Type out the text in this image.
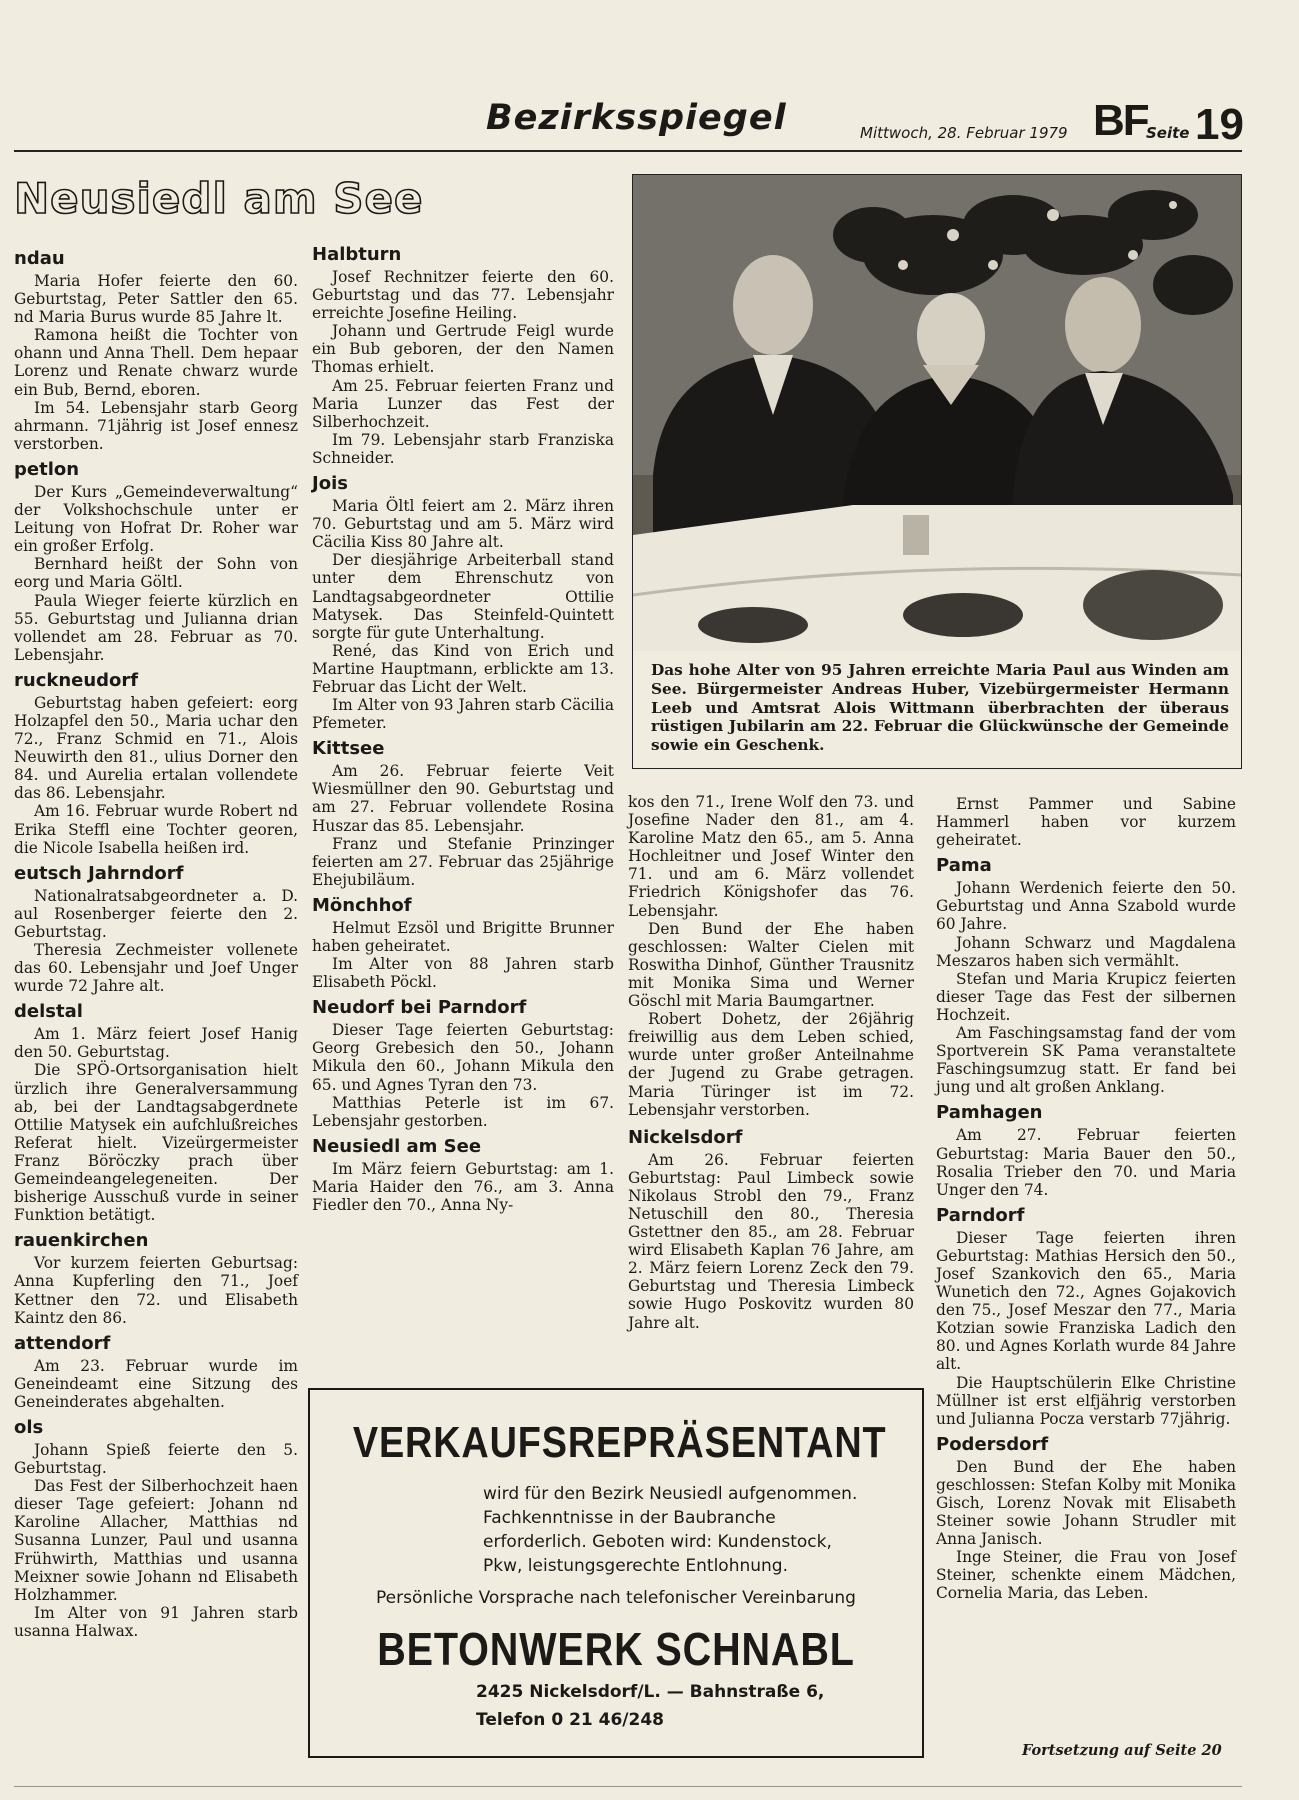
Bezirksspiegel	Mittwoch, 28. Februar 1979 BF
Seite 19
Neusiedl am See
ndau

Maria Hofer feierte den 60. Geburtstag, Peter Sattler den 65. nd Maria Burus wurde 85 Jahre lt.

Ramona heißt die Tochter von ohann und Anna Thell. Dem hepaar Lorenz und Renate chwarz wurde ein Bub, Bernd, eboren.

Im 54. Lebensjahr starb Georg ahrmann. 71jährig ist Josef ennesz verstorben.

petlon

Der Kurs „Gemeindeverwaltung“ der Volkshochschule unter er Leitung von Hofrat Dr. Roher war ein großer Erfolg.

Bernhard heißt der Sohn von eorg und Maria Göltl.

Paula Wieger feierte kürzlich en 55. Geburtstag und Julianna drian vollendet am 28. Februar as 70. Lebensjahr.

ruckneudorf

Geburtstag haben gefeiert: eorg Holzapfel den 50., Maria uchar den 72., Franz Schmid en 71., Alois Neuwirth den 81., ulius Dorner den 84. und Aurelia ertalan vollendete das 86. Lebensjahr.

Am 16. Februar wurde Robert nd Erika Steffl eine Tochter georen, die Nicole Isabella heißen ird.

eutsch Jahrndorf

Nationalratsabgeordneter a. D. aul Rosenberger feierte den 2. Geburtstag.

Theresia Zechmeister vollenete das 60. Lebensjahr und Joef Unger wurde 72 Jahre alt.

delstal

Am 1. März feiert Josef Hanig den 50. Geburtstag.

Die SPÖ-Ortsorganisation hielt ürzlich ihre Generalversammung ab, bei der Landtagsabgerdnete Ottilie Matysek ein aufchlußreiches Referat hielt. Vizeürgermeister Franz Böröczky prach über Gemeindeangelegeneiten. Der bisherige Ausschuß vurde in seiner Funktion betätigt.

rauenkirchen

Vor kurzem feierten Geburtsag: Anna Kupferling den 71., Joef Kettner den 72. und Elisabeth Kaintz den 86.

attendorf

Am 23. Februar wurde im Geneindeamt eine Sitzung des Geneinderates abgehalten.

ols

Johann Spieß feierte den 5. Geburtstag.

Das Fest der Silberhochzeit haen dieser Tage gefeiert: Johann nd Karoline Allacher, Matthias nd Susanna Lunzer, Paul und usanna Frühwirth, Matthias und usanna Meixner sowie Johann nd Elisabeth Holzhammer.

Im Alter von 91 Jahren starb usanna Halwax.

Halbturn

Josef Rechnitzer feierte den 60. Geburtstag und das 77. Lebensjahr erreichte Josefine Heiling.

Johann und Gertrude Feigl wurde ein Bub geboren, der den Namen Thomas erhielt.

Am 25. Februar feierten Franz und Maria Lunzer das Fest der Silberhochzeit.

Im 79. Lebensjahr starb Franziska Schneider.

Jois

Maria Öltl feiert am 2. März ihren 70. Geburtstag und am 5. März wird Cäcilia Kiss 80 Jahre alt.

Der diesjährige Arbeiterball stand unter dem Ehrenschutz von Landtagsabgeordneter Ottilie Matysek. Das Steinfeld-Quintett sorgte für gute Unterhaltung.

René, das Kind von Erich und Martine Hauptmann, erblickte am 13. Februar das Licht der Welt.

Im Alter von 93 Jahren starb Cäcilia Pfemeter.

Kittsee

Am 26. Februar feierte Veit Wiesmüllner den 90. Geburtstag und am 27. Februar vollendete Rosina Huszar das 85. Lebensjahr.

Franz und Stefanie Prinzinger feierten am 27. Februar das 25jährige Ehejubiläum.

Mönchhof

Helmut Ezsöl und Brigitte Brunner haben geheiratet.

Im Alter von 88 Jahren starb Elisabeth Pöckl.

Neudorf bei Parndorf

Dieser Tage feierten Geburtstag: Georg Grebesich den 50., Johann Mikula den 60., Johann Mikula den 65. und Agnes Tyran den 73.

Matthias Peterle ist im 67. Lebensjahr gestorben.

Neusiedl am See

Im März feiern Geburtstag: am 1. Maria Haider den 76., am 3. Anna Fiedler den 70., Anna Ny-

Das hohe Alter von 95 Jahren erreichte Maria Paul aus Winden am See. Bürgermeister Andreas Huber, Vizebürgermeister Hermann Leeb und Amtsrat Alois Wittmann überbrachten der überaus rüstigen Jubilarin am 22. Februar die Glückwünsche der Gemeinde sowie ein Geschenk.

kos den 71., Irene Wolf den 73. und Josefine Nader den 81., am 4. Karoline Matz den 65., am 5. Anna Hochleitner und Josef Winter den 71. und am 6. März vollendet Friedrich Königshofer das 76. Lebensjahr.

Den Bund der Ehe haben geschlossen: Walter Cielen mit Roswitha Dinhof, Günther Trausnitz mit Monika Sima und Werner Göschl mit Maria Baumgartner.

Robert Dohetz, der 26jährig freiwillig aus dem Leben schied, wurde unter großer Anteilnahme der Jugend zu Grabe getragen. Maria Türinger ist im 72. Lebensjahr verstorben.

Nickelsdorf

Am 26. Februar feierten Geburtstag: Paul Limbeck sowie Nikolaus Strobl den 79., Franz Netuschill den 80., Theresia Gstettner den 85., am 28. Februar wird Elisabeth Kaplan 76 Jahre, am 2. März feiern Lorenz Zeck den 79. Geburtstag und Theresia Limbeck sowie Hugo Poskovitz wurden 80 Jahre alt.

Ernst Pammer und Sabine Hammerl haben vor kurzem geheiratet.

Pama

Johann Werdenich feierte den 50. Geburtstag und Anna Szabold wurde 60 Jahre.

Johann Schwarz und Magdalena Meszaros haben sich vermählt.

Stefan und Maria Krupicz feierten dieser Tage das Fest der silbernen Hochzeit.

Am Faschingsamstag fand der vom Sportverein SK Pama veranstaltete Faschingsumzug statt. Er fand bei jung und alt großen Anklang.

Pamhagen

Am 27. Februar feierten Geburtstag: Maria Bauer den 50., Rosalia Trieber den 70. und Maria Unger den 74.

Parndorf

Dieser Tage feierten ihren Geburtstag: Mathias Hersich den 50., Josef Szankovich den 65., Maria Wunetich den 72., Agnes Gojakovich den 75., Josef Meszar den 77., Maria Kotzian sowie Franziska Ladich den 80. und Agnes Korlath wurde 84 Jahre alt.

Die Hauptschülerin Elke Christine Müllner ist erst elfjährig verstorben und Julianna Pocza verstarb 77jährig.

Podersdorf

Den Bund der Ehe haben geschlossen: Stefan Kolby mit Monika Gisch, Lorenz Novak mit Elisabeth Steiner sowie Johann Strudler mit Anna Janisch.

Inge Steiner, die Frau von Josef Steiner, schenkte einem Mädchen, Cornelia Maria, das Leben.

VERKAUFSREPRÄSENTANT
wird für den Bezirk Neusiedl aufgenommen. Fachkenntnisse in der Baubranche erforderlich. Geboten wird: Kundenstock, Pkw, leistungsgerechte Entlohnung.
Persönliche Vorsprache nach telefonischer Vereinbarung
BETONWERK SCHNABL
2425 Nickelsdorf/L. — Bahnstraße 6,
Telefon 0 21 46/248
Fortsetzung auf Seite 20
